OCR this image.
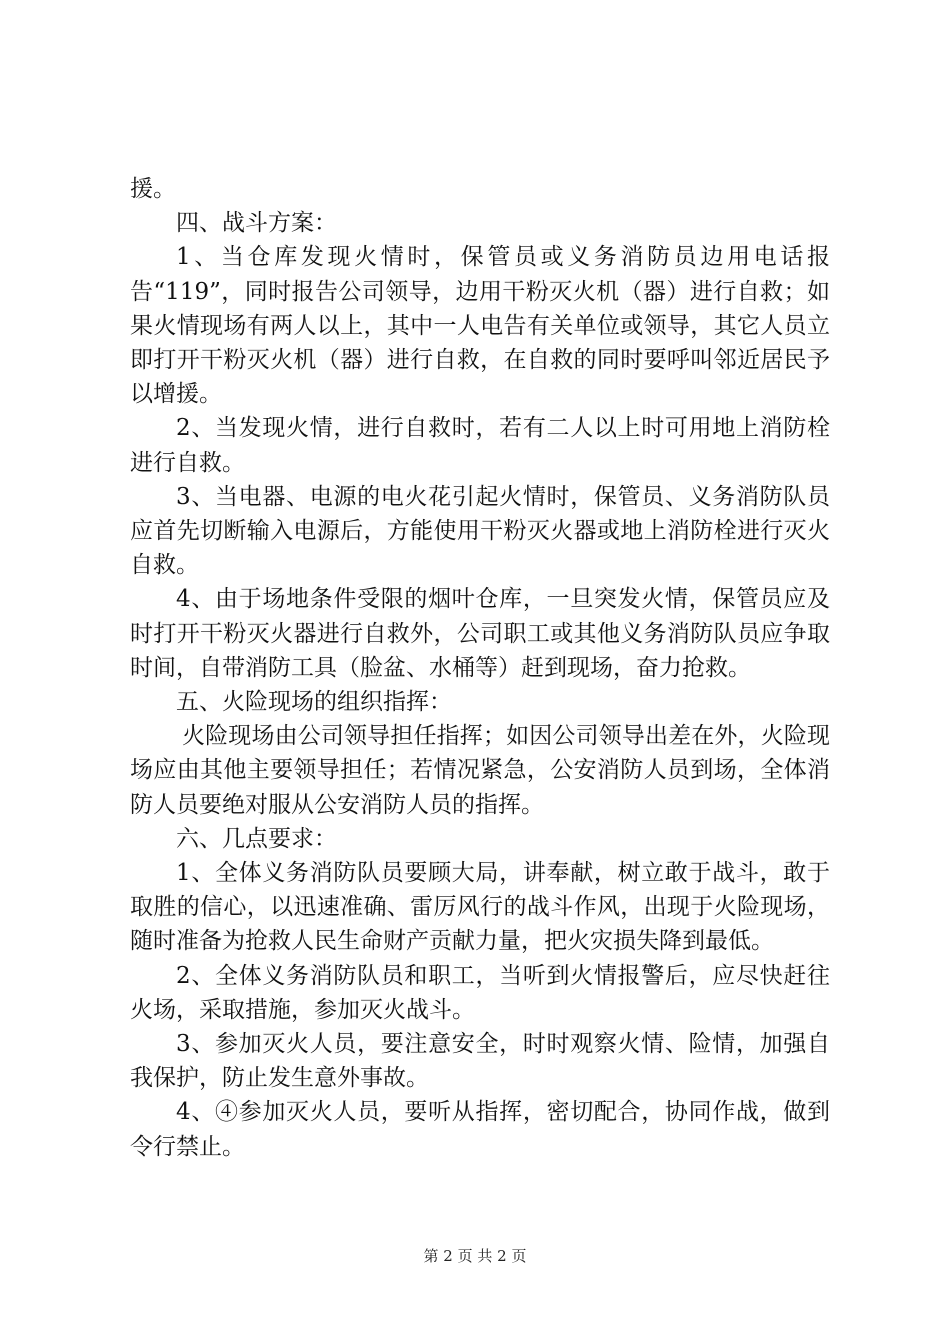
援。

四、战斗方案：

1、当仓库发现火情时，保管员或义务消防员边用电话报告“119”，同时报告公司领导，边用干粉灭火机（器）进行自救；如果火情现场有两人以上，其中一人电告有关单位或领导，其它人员立即打开干粉灭火机（器）进行自救，在自救的同时要呼叫邻近居民予以增援。

2、当发现火情，进行自救时，若有二人以上时可用地上消防栓进行自救。

3、当电器、电源的电火花引起火情时，保管员、义务消防队员应首先切断输入电源后，方能使用干粉灭火器或地上消防栓进行灭火自救。

4、由于场地条件受限的烟叶仓库，一旦突发火情，保管员应及时打开干粉灭火器进行自救外，公司职工或其他义务消防队员应争取时间，自带消防工具（脸盆、水桶等）赶到现场，奋力抢救。

五、火险现场的组织指挥：

火险现场由公司领导担任指挥；如因公司领导出差在外，火险现场应由其他主要领导担任；若情况紧急，公安消防人员到场，全体消防人员要绝对服从公安消防人员的指挥。

六、几点要求：

1、全体义务消防队员要顾大局，讲奉献，树立敢于战斗，敢于取胜的信心，以迅速准确、雷厉风行的战斗作风，出现于火险现场，随时准备为抢救人民生命财产贡献力量，把火灾损失降到最低。

2、全体义务消防队员和职工，当听到火情报警后，应尽快赶往火场，采取措施，参加灭火战斗。

3、参加灭火人员，要注意安全，时时观察火情、险情，加强自我保护，防止发生意外事故。

4、④参加灭火人员，要听从指挥，密切配合，协同作战，做到令行禁止。

第 2 页 共 2 页
